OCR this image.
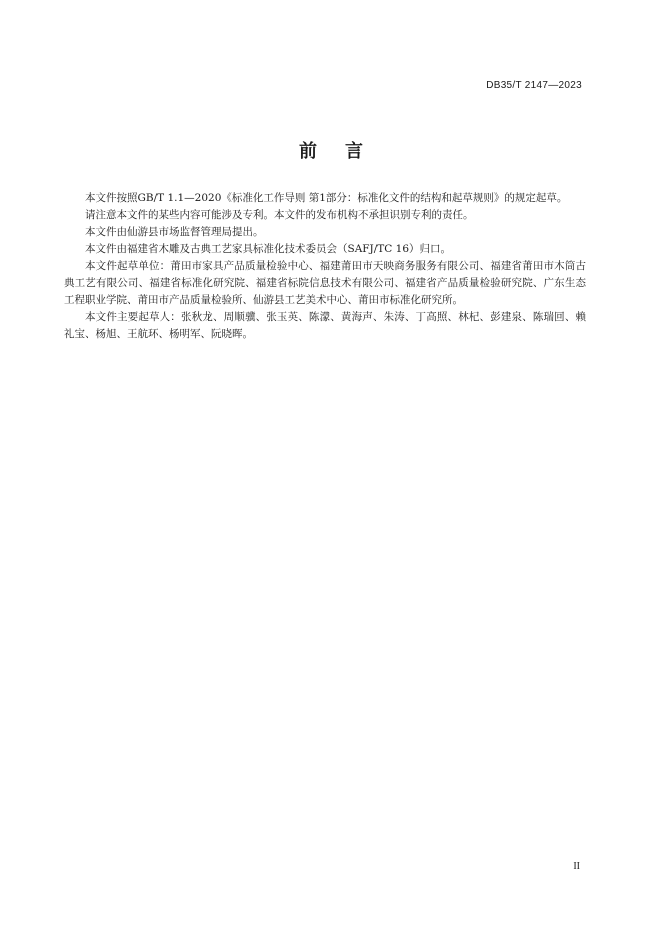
DB35/T 2147—2023
前言

本文件按照GB/T 1.1—2020《标准化工作导则 第1部分：标准化文件的结构和起草规则》的规定起草。

请注意本文件的某些内容可能涉及专利。本文件的发布机构不承担识别专利的责任。

本文件由仙游县市场监督管理局提出。

本文件由福建省木雕及古典工艺家具标准化技术委员会（SAFJ/TC 16）归口。

本文件起草单位：莆田市家具产品质量检验中心、福建莆田市天映商务服务有限公司、福建省莆田市木筒古典工艺有限公司、福建省标准化研究院、福建省标院信息技术有限公司、福建省产品质量检验研究院、广东生态工程职业学院、莆田市产品质量检验所、仙游县工艺美术中心、莆田市标准化研究所。

本文件主要起草人：张秋龙、周顺骥、张玉英、陈濛、黄海声、朱涛、丁高照、林杞、彭建泉、陈瑞回、赖礼宝、杨旭、王航环、杨明军、阮晓晖。

II
